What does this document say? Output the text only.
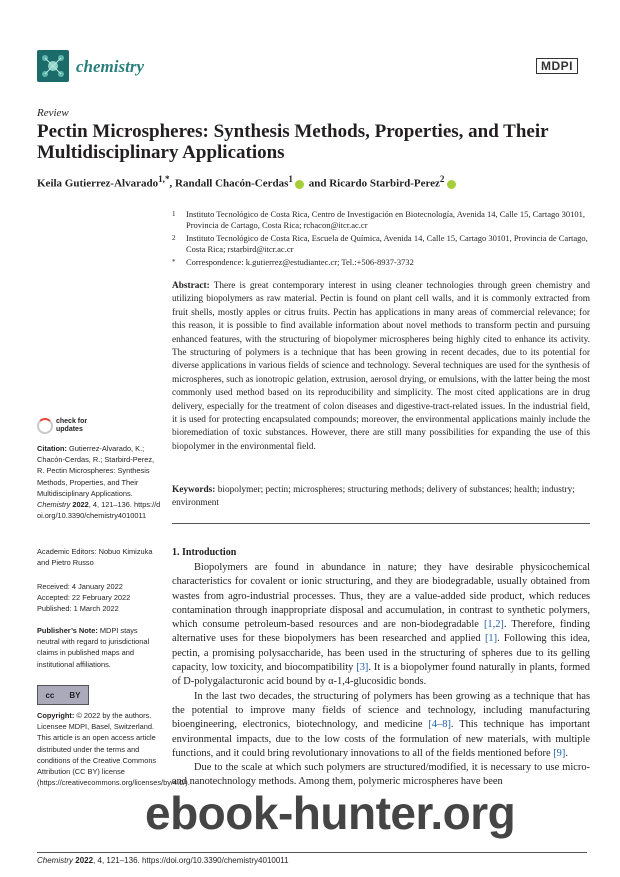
chemistry	MDPI
Review
Pectin Microspheres: Synthesis Methods, Properties, and Their Multidisciplinary Applications
Keila Gutierrez-Alvarado$^{1,*}$, Randall Chacón-Cerdas$^1$ and Ricardo Starbird-Perez$^2$
1 Instituto Tecnológico de Costa Rica, Centro de Investigación en Biotecnología, Avenida 14, Calle 15, Cartago 30101, Provincia de Cartago, Costa Rica; rchacon@itcr.ac.cr
2 Instituto Tecnológico de Costa Rica, Escuela de Química, Avenida 14, Calle 15, Cartago 30101, Provincia de Cartago, Costa Rica; rstarbird@itcr.ac.cr
* Correspondence: k.gutierrez@estudiantec.cr; Tel.:+506-8937-3732
Abstract: There is great contemporary interest in using cleaner technologies through green chemistry and utilizing biopolymers as raw material. Pectin is found on plant cell walls, and it is commonly extracted from fruit shells, mostly apples or citrus fruits. Pectin has applications in many areas of commercial relevance; for this reason, it is possible to find available information about novel methods to transform pectin and pursuing enhanced features, with the structuring of biopolymer microspheres being highly cited to enhance its activity. The structuring of polymers is a technique that has been growing in recent decades, due to its potential for diverse applications in various fields of science and technology. Several techniques are used for the synthesis of microspheres, such as ionotropic gelation, extrusion, aerosol drying, or emulsions, with the latter being the most commonly used method based on its reproducibility and simplicity. The most cited applications are in drug delivery, especially for the treatment of colon diseases and digestive-tract-related issues. In the industrial field, it is used for protecting encapsulated compounds; moreover, the environmental applications mainly include the bioremediation of toxic substances. However, there are still many possibilities for expanding the use of this biopolymer in the environmental field.
Keywords: biopolymer; pectin; microspheres; structuring methods; delivery of substances; health; industry; environment
check for updates
Citation: Gutierrez-Alvarado, K.; Chacón-Cerdas, R.; Starbird-Perez, R. Pectin Microspheres: Synthesis Methods, Properties, and Their Multidisciplinary Applications. Chemistry 2022, 4, 121–136. https://doi.org/10.3390/chemistry4010011
Academic Editors: Nobuo Kimizuka and Pietro Russo
Received: 4 January 2022
Accepted: 22 February 2022
Published: 1 March 2022
Publisher’s Note: MDPI stays neutral with regard to jurisdictional claims in published maps and institutional affiliations.
cc BY
Copyright: © 2022 by the authors. Licensee MDPI, Basel, Switzerland. This article is an open access article distributed under the terms and conditions of the Creative Commons Attribution (CC BY) license (https://creativecommons.org/licenses/by/4.0/).
1. Introduction

Biopolymers are found in abundance in nature; they have desirable physicochemical characteristics for covalent or ionic structuring, and they are biodegradable, usually obtained from wastes from agro-industrial processes. Thus, they are a value-added side product, which reduces contamination through inappropriate disposal and accumulation, in contrast to synthetic polymers, which consume petroleum-based resources and are non-biodegradable [1,2]. Therefore, finding alternative uses for these biopolymers has been researched and applied [1]. Following this idea, pectin, a promising polysaccharide, has been used in the structuring of spheres due to its gelling capacity, low toxicity, and biocompatibility [3]. It is a biopolymer found naturally in plants, formed of D-polygalacturonic acid bound by α-1,4-glucosidic bonds.

In the last two decades, the structuring of polymers has been growing as a technique that has the potential to improve many fields of science and technology, including manufacturing bioengineering, electronics, biotechnology, and medicine [4–8]. This technique has important environmental impacts, due to the low costs of the formulation of new materials, with multiple functions, and it could bring revolutionary innovations to all of the fields mentioned before [9].

Due to the scale at which such polymers are structured/modified, it is necessary to use micro- and nanotechnology methods. Among them, polymeric microspheres have been

ebook-hunter.org
Chemistry 2022, 4, 121–136. https://doi.org/10.3390/chemistry4010011
